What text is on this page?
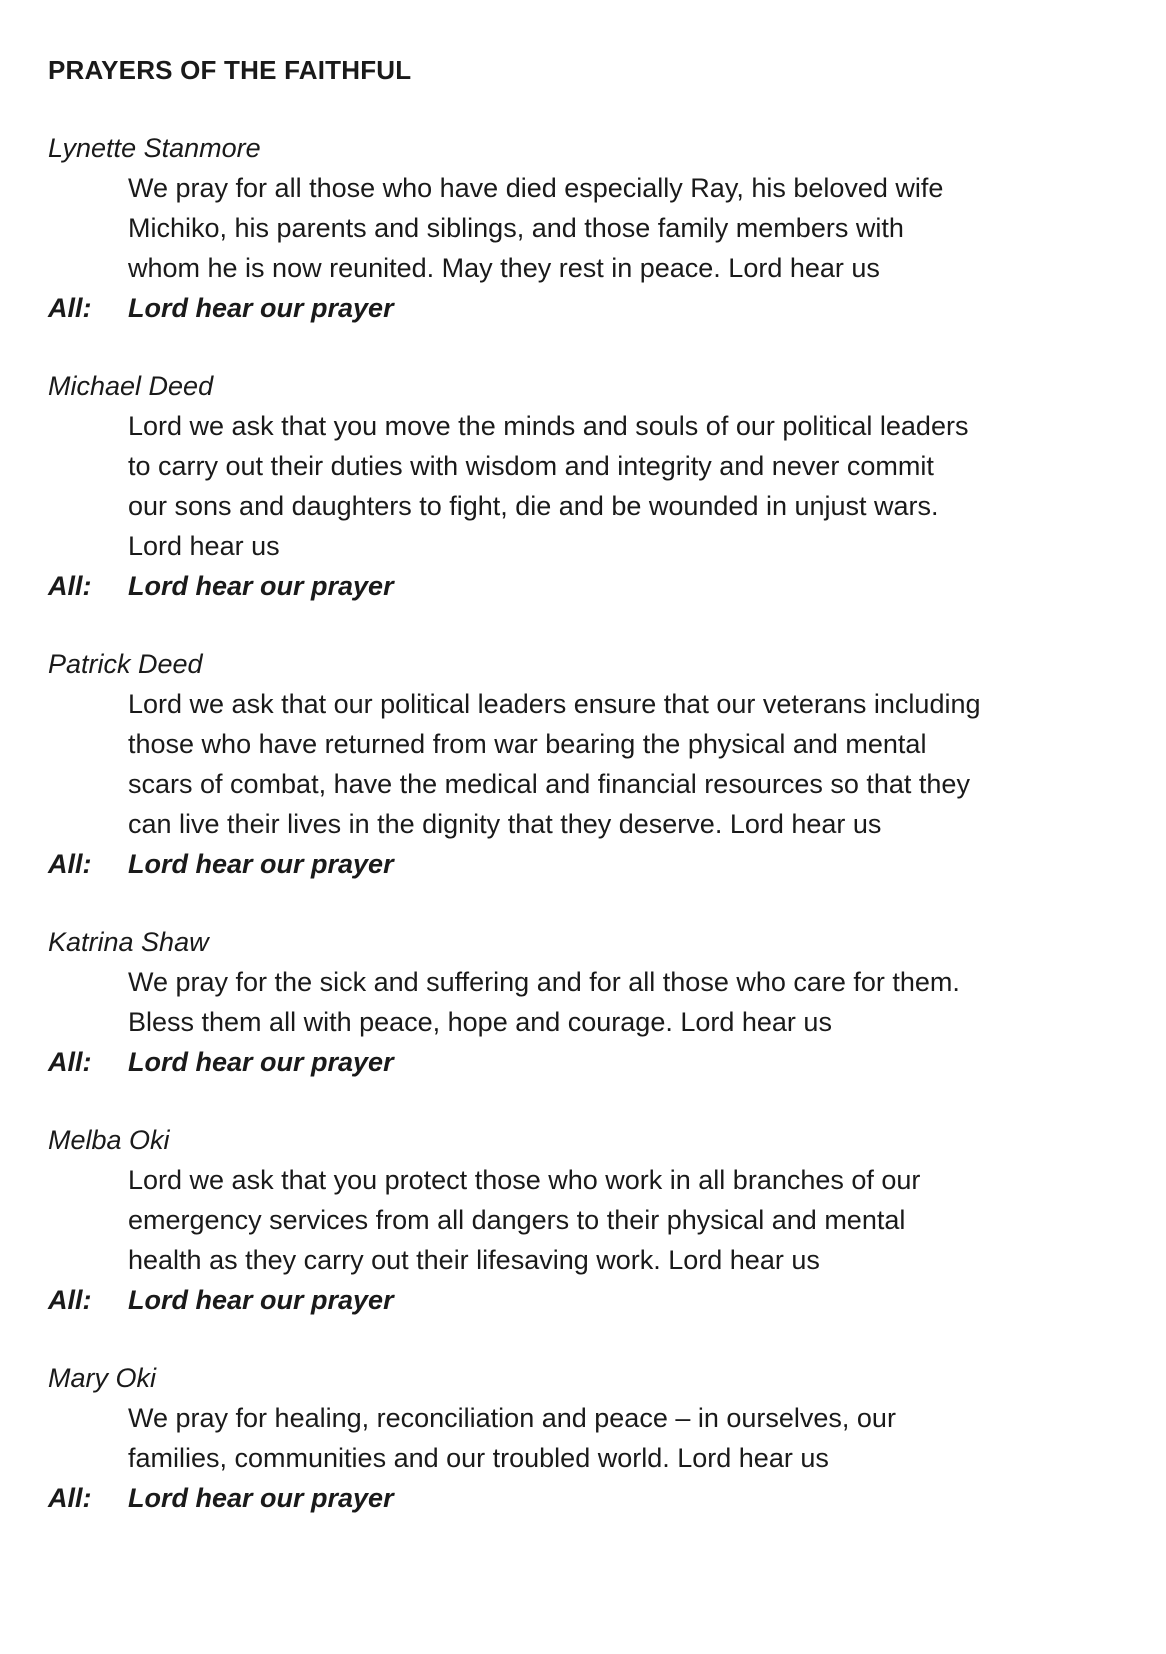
PRAYERS OF THE FAITHFUL
Lynette Stanmore
We pray for all those who have died especially Ray, his beloved wife
Michiko, his parents and siblings, and those family members with
whom he is now reunited. May they rest in peace. Lord hear us
All:	Lord hear our prayer
Michael Deed
Lord we ask that you move the minds and souls of our political leaders
to carry out their duties with wisdom and integrity and never commit
our sons and daughters to fight, die and be wounded in unjust wars.
Lord hear us
All:	Lord hear our prayer
Patrick Deed
Lord we ask that our political leaders ensure that our veterans including
those who have returned from war bearing the physical and mental
scars of combat, have the medical and financial resources so that they
can live their lives in the dignity that they deserve. Lord hear us
All:	Lord hear our prayer
Katrina Shaw
We pray for the sick and suffering and for all those who care for them.
Bless them all with peace, hope and courage. Lord hear us
All:	Lord hear our prayer
Melba Oki
Lord we ask that you protect those who work in all branches of our
emergency services from all dangers to their physical and mental
health as they carry out their lifesaving work. Lord hear us
All:	Lord hear our prayer
Mary Oki
We pray for healing, reconciliation and peace – in ourselves, our
families, communities and our troubled world. Lord hear us
All:	Lord hear our prayer
